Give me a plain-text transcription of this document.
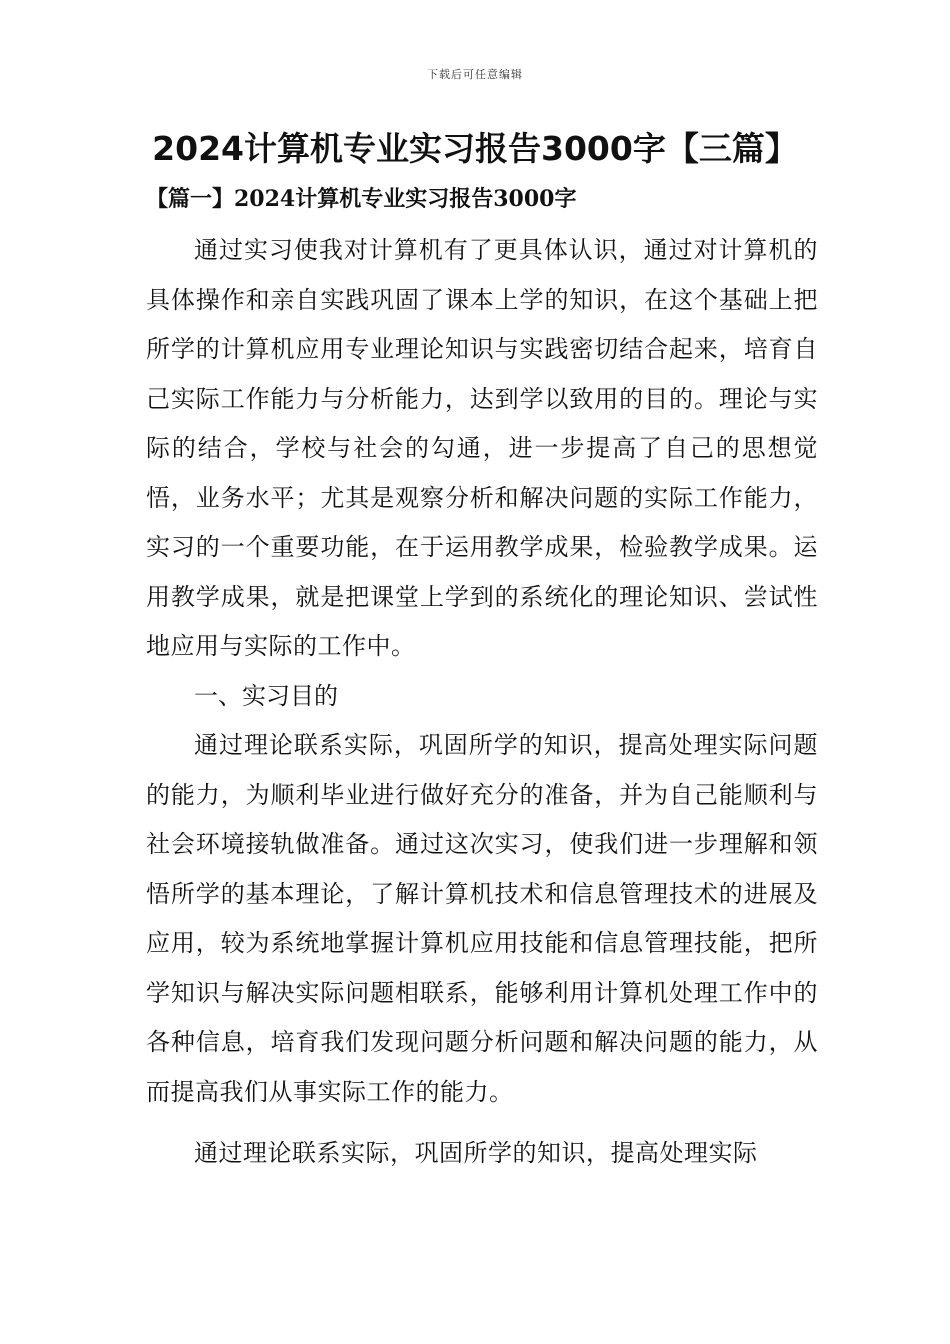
下载后可任意编辑
2024计算机专业实习报告3000字【三篇】
【篇一】2024计算机专业实习报告3000字

通过实习使我对计算机有了更具体认识，通过对计算机的具体操作和亲自实践巩固了课本上学的知识，在这个基础上把所学的计算机应用专业理论知识与实践密切结合起来，培育自己实际工作能力与分析能力，达到学以致用的目的。理论与实际的结合，学校与社会的勾通，进一步提高了自己的思想觉悟，业务水平；尤其是观察分析和解决问题的实际工作能力，实习的一个重要功能，在于运用教学成果，检验教学成果。运用教学成果，就是把课堂上学到的系统化的理论知识、尝试性地应用与实际的工作中。

一、实习目的

通过理论联系实际，巩固所学的知识，提高处理实际问题的能力，为顺利毕业进行做好充分的准备，并为自己能顺利与社会环境接轨做准备。通过这次实习，使我们进一步理解和领悟所学的基本理论，了解计算机技术和信息管理技术的进展及应用，较为系统地掌握计算机应用技能和信息管理技能，把所学知识与解决实际问题相联系，能够利用计算机处理工作中的各种信息，培育我们发现问题分析问题和解决问题的能力，从而提高我们从事实际工作的能力。

通过理论联系实际，巩固所学的知识，提高处理实际
